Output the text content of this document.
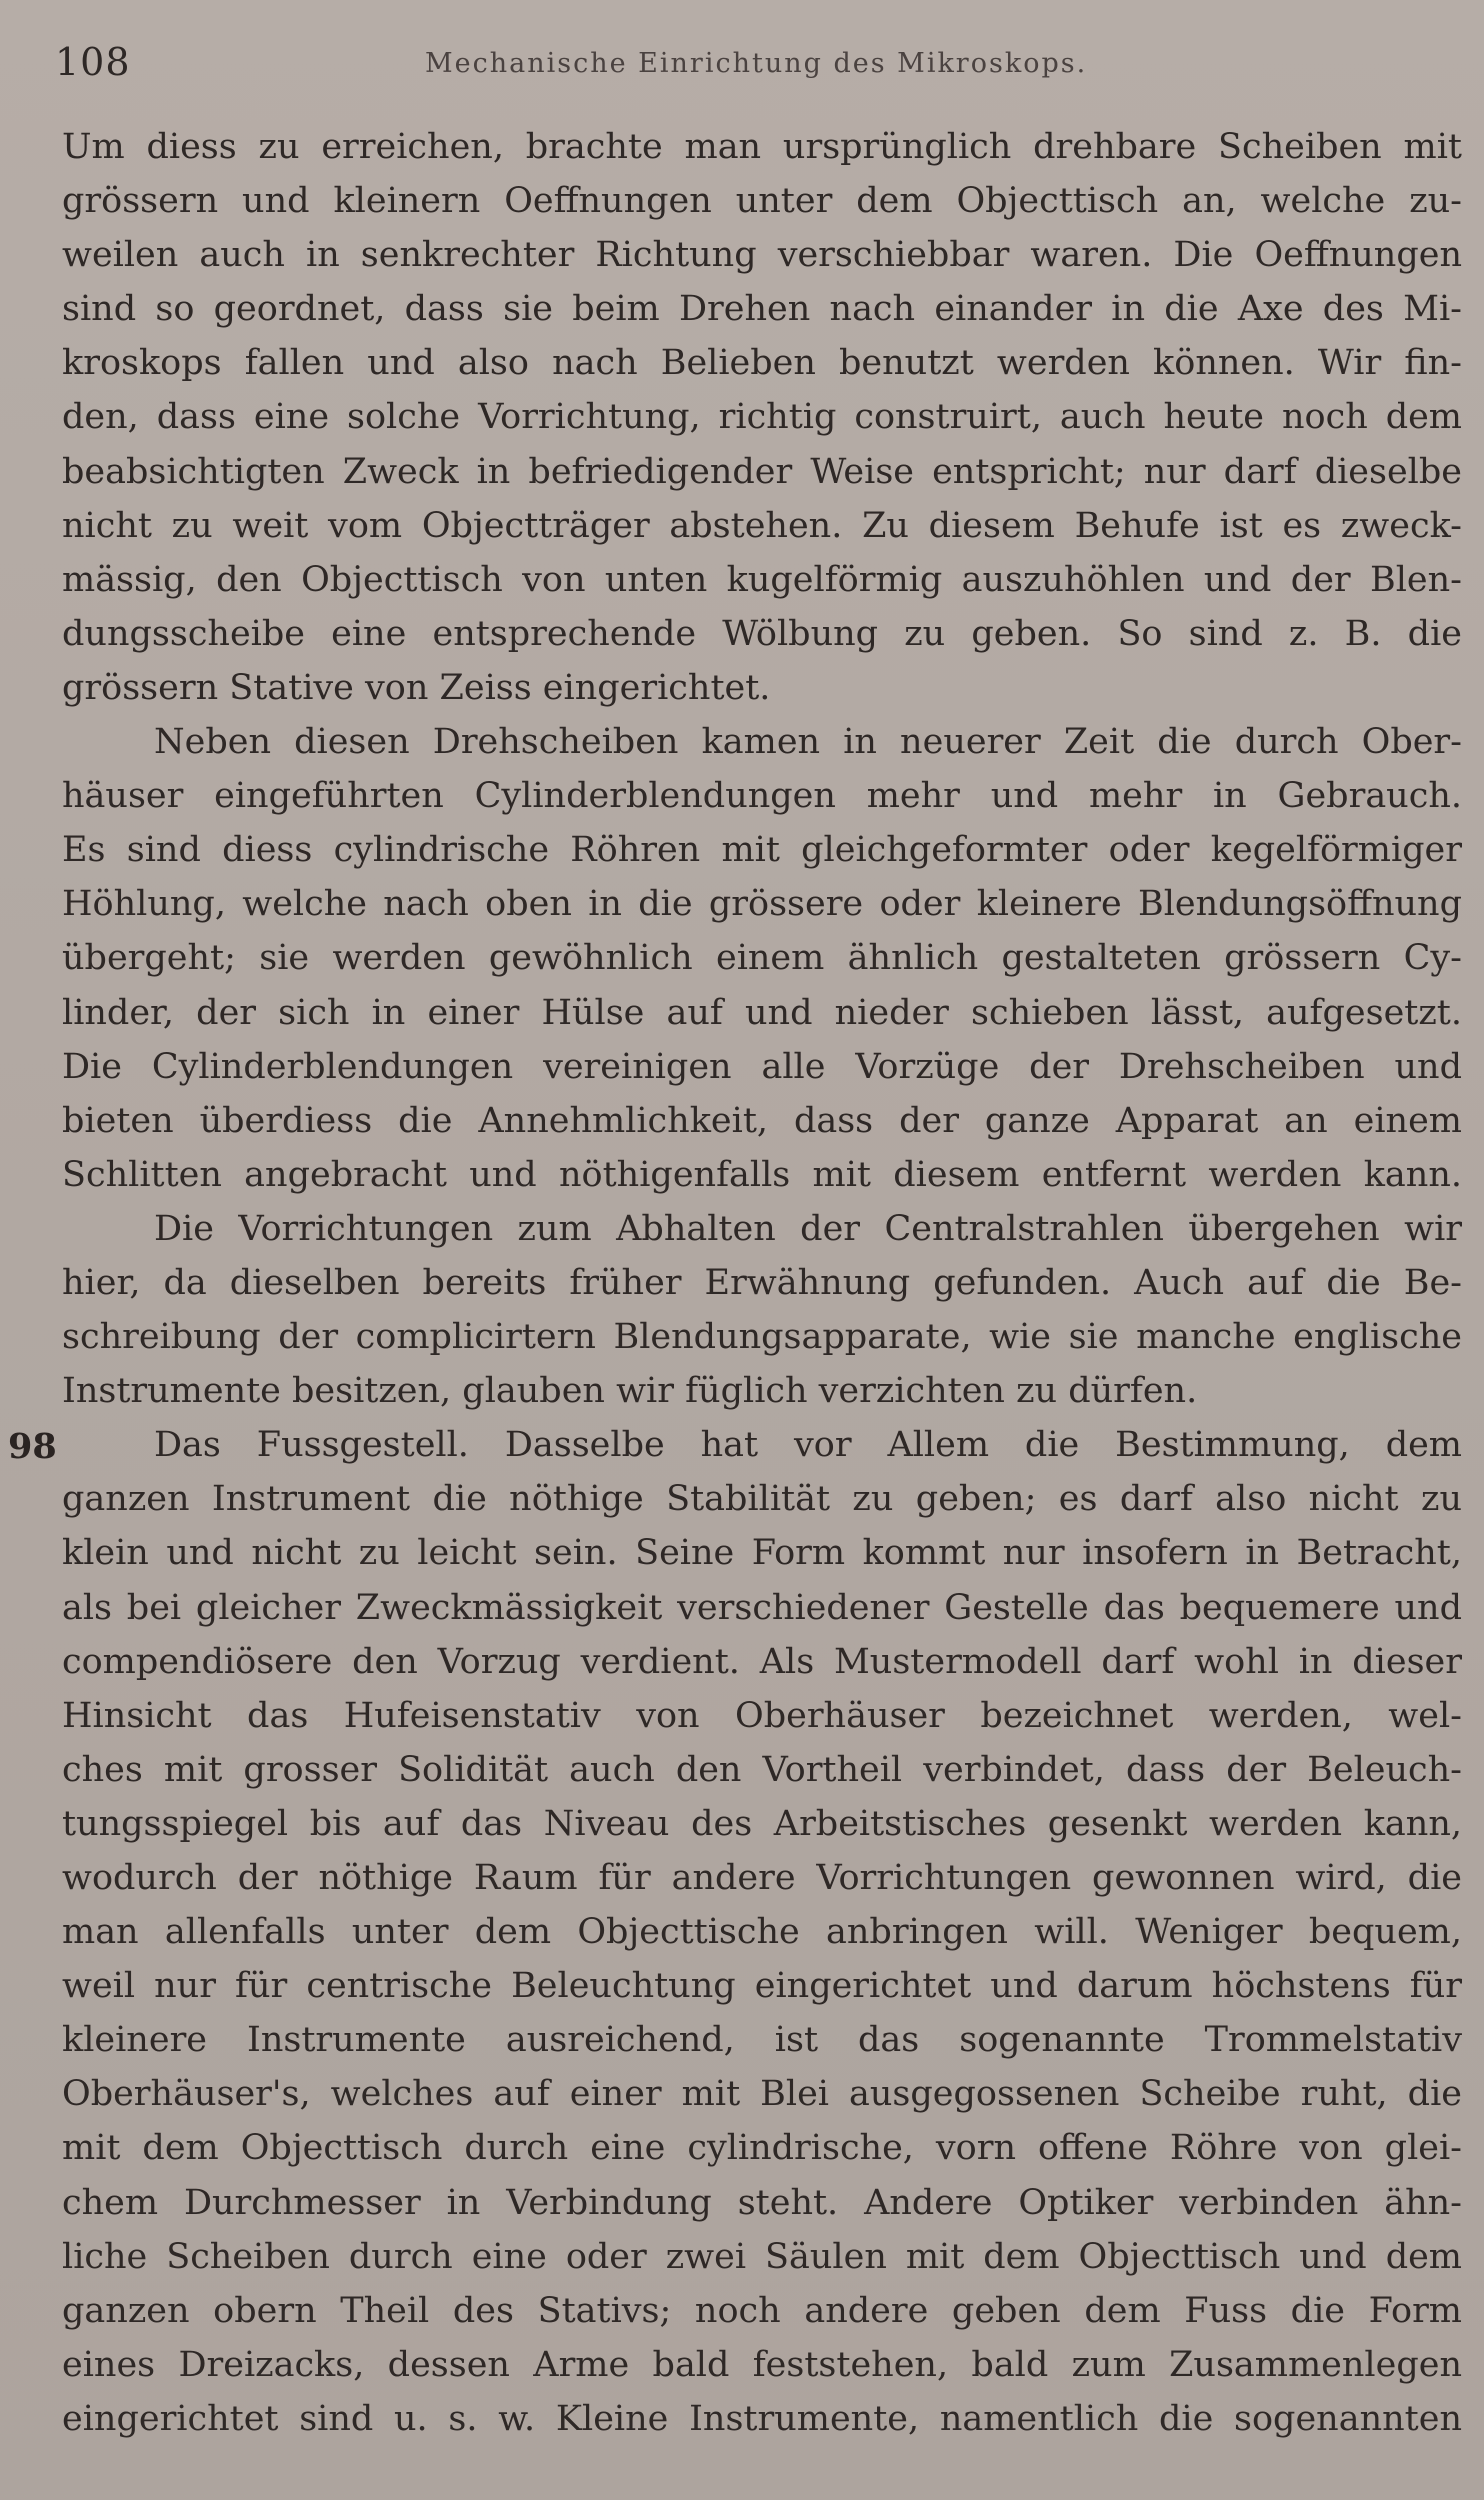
108	Mechanische Einrichtung des Mikroskops.
98
Um diess zu erreichen, brachte man ursprünglich drehbare Scheiben mit
grössern und kleinern Oeffnungen unter dem Objecttisch an, welche zu-
weilen auch in senkrechter Richtung verschiebbar waren. Die Oeffnungen
sind so geordnet, dass sie beim Drehen nach einander in die Axe des Mi-
kroskops fallen und also nach Belieben benutzt werden können. Wir fin-
den, dass eine solche Vorrichtung, richtig construirt, auch heute noch dem
beabsichtigten Zweck in befriedigender Weise entspricht; nur darf dieselbe
nicht zu weit vom Objectträger abstehen. Zu diesem Behufe ist es zweck-
mässig, den Objecttisch von unten kugelförmig auszuhöhlen und der Blen-
dungsscheibe eine entsprechende Wölbung zu geben. So sind z. B. die
grössern Stative von Zeiss eingerichtet.
Neben diesen Drehscheiben kamen in neuerer Zeit die durch Ober-
häuser eingeführten Cylinderblendungen mehr und mehr in Gebrauch.
Es sind diess cylindrische Röhren mit gleichgeformter oder kegelförmiger
Höhlung, welche nach oben in die grössere oder kleinere Blendungsöffnung
übergeht; sie werden gewöhnlich einem ähnlich gestalteten grössern Cy-
linder, der sich in einer Hülse auf und nieder schieben lässt, aufgesetzt.
Die Cylinderblendungen vereinigen alle Vorzüge der Drehscheiben und
bieten überdiess die Annehmlichkeit, dass der ganze Apparat an einem
Schlitten angebracht und nöthigenfalls mit diesem entfernt werden kann.
Die Vorrichtungen zum Abhalten der Centralstrahlen übergehen wir
hier, da dieselben bereits früher Erwähnung gefunden. Auch auf die Be-
schreibung der complicirtern Blendungsapparate, wie sie manche englische
Instrumente besitzen, glauben wir füglich verzichten zu dürfen.
Das Fussgestell. Dasselbe hat vor Allem die Bestimmung, dem
ganzen Instrument die nöthige Stabilität zu geben; es darf also nicht zu
klein und nicht zu leicht sein. Seine Form kommt nur insofern in Betracht,
als bei gleicher Zweckmässigkeit verschiedener Gestelle das bequemere und
compendiösere den Vorzug verdient. Als Mustermodell darf wohl in dieser
Hinsicht das Hufeisenstativ von Oberhäuser bezeichnet werden, wel-
ches mit grosser Solidität auch den Vortheil verbindet, dass der Beleuch-
tungsspiegel bis auf das Niveau des Arbeitstisches gesenkt werden kann,
wodurch der nöthige Raum für andere Vorrichtungen gewonnen wird, die
man allenfalls unter dem Objecttische anbringen will. Weniger bequem,
weil nur für centrische Beleuchtung eingerichtet und darum höchstens für
kleinere Instrumente ausreichend, ist das sogenannte Trommelstativ
Oberhäuser's, welches auf einer mit Blei ausgegossenen Scheibe ruht, die
mit dem Objecttisch durch eine cylindrische, vorn offene Röhre von glei-
chem Durchmesser in Verbindung steht. Andere Optiker verbinden ähn-
liche Scheiben durch eine oder zwei Säulen mit dem Objecttisch und dem
ganzen obern Theil des Stativs; noch andere geben dem Fuss die Form
eines Dreizacks, dessen Arme bald feststehen, bald zum Zusammenlegen
eingerichtet sind u. s. w. Kleine Instrumente, namentlich die sogenannten
